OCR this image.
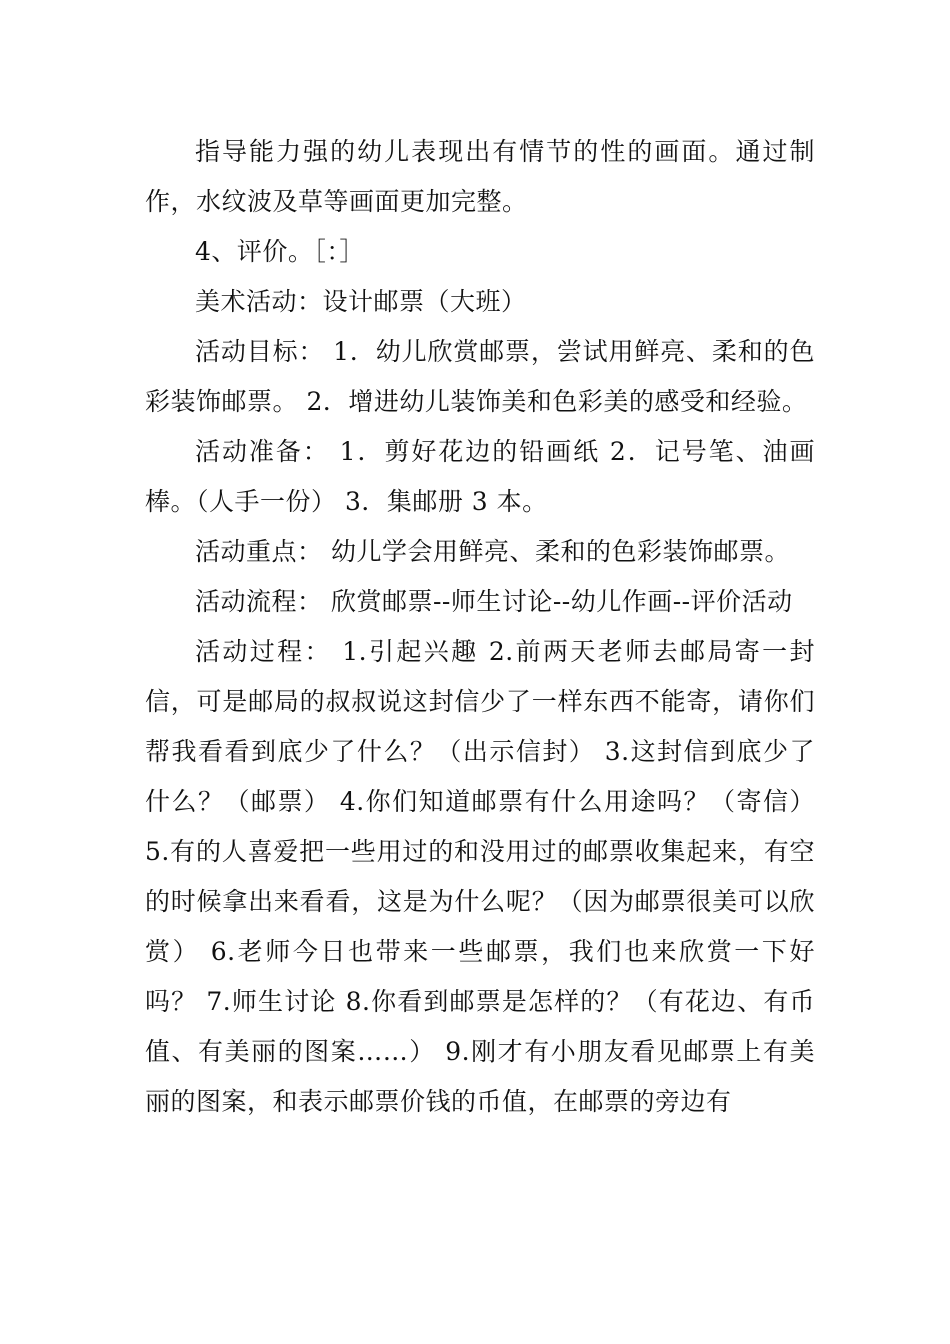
指导能力强的幼儿表现出有情节的性的画面。通过制作，水纹波及草等画面更加完整。

4、评价。［：］

美术活动：设计邮票（大班）

活动目标： 1．幼儿欣赏邮票，尝试用鲜亮、柔和的色彩装饰邮票。 2．增进幼儿装饰美和色彩美的感受和经验。

活动准备： 1．剪好花边的铅画纸 2．记号笔、油画棒。（人手一份） 3．集邮册 3 本。

活动重点： 幼儿学会用鲜亮、柔和的色彩装饰邮票。

活动流程： 欣赏邮票--师生讨论--幼儿作画--评价活动

活动过程： 1.引起兴趣 2.前两天老师去邮局寄一封信，可是邮局的叔叔说这封信少了一样东西不能寄，请你们帮我看看到底少了什么？（出示信封） 3.这封信到底少了什么？（邮票） 4.你们知道邮票有什么用途吗？（寄信） 5.有的人喜爱把一些用过的和没用过的邮票收集起来，有空的时候拿出来看看，这是为什么呢？（因为邮票很美可以欣赏） 6.老师今日也带来一些邮票，我们也来欣赏一下好吗？ 7.师生讨论 8.你看到邮票是怎样的？（有花边、有币值、有美丽的图案……） 9.刚才有小朋友看见邮票上有美丽的图案，和表示邮票价钱的币值，在邮票的旁边有
